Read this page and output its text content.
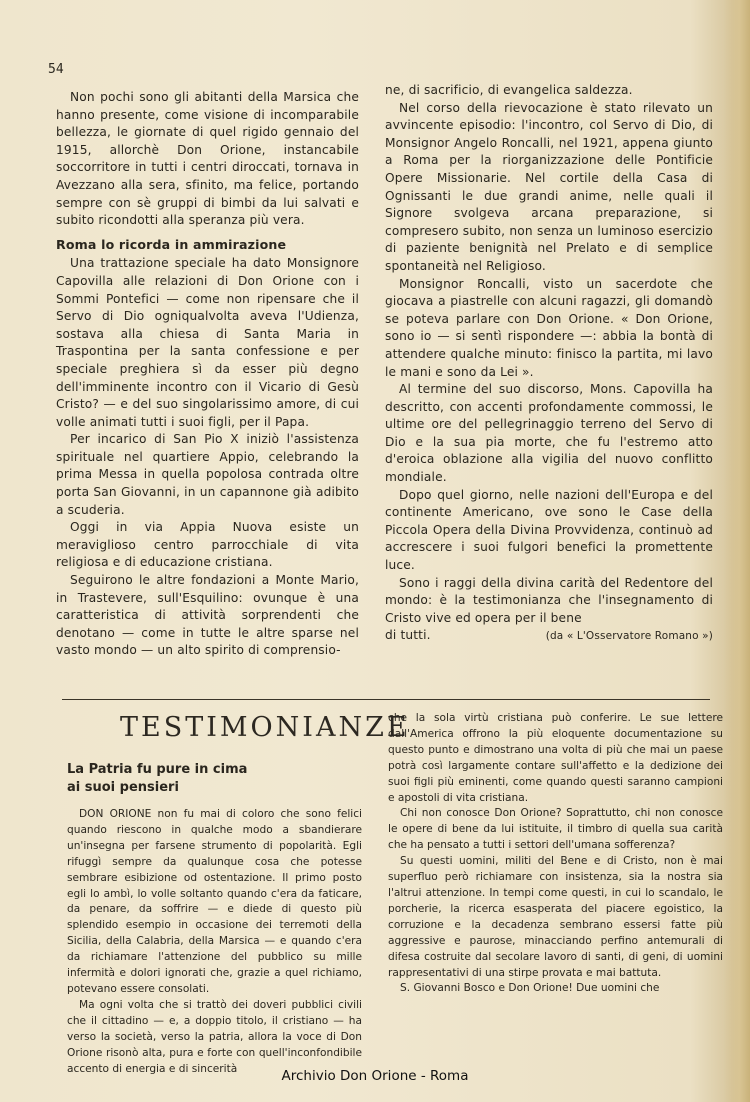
54

Non pochi sono gli abitanti della Marsica che hanno presente, come visione di incomparabile bellezza, le giornate di quel rigido gennaio del 1915, allorchè Don Orione, instancabile soccorritore in tutti i centri diroccati, tornava in Avezzano alla sera, sfinito, ma felice, portando sempre con sè gruppi di bimbi da lui salvati e subito ricondotti alla speranza più vera.

Roma lo ricorda in ammirazione

Una trattazione speciale ha dato Monsignore Capovilla alle relazioni di Don Orione con i Sommi Pontefici — come non ripensare che il Servo di Dio ogniqualvolta aveva l'Udienza, sostava alla chiesa di Santa Maria in Traspontina per la santa confessione e per speciale preghiera sì da esser più degno dell'imminente incontro con il Vicario di Gesù Cristo? — e del suo singolarissimo amore, di cui volle animati tutti i suoi figli, per il Papa.

Per incarico di San Pio X iniziò l'assistenza spirituale nel quartiere Appio, celebrando la prima Messa in quella popolosa contrada oltre porta San Giovanni, in un capannone già adibito a scuderia.

Oggi in via Appia Nuova esiste un meraviglioso centro parrocchiale di vita religiosa e di educazione cristiana.

Seguirono le altre fondazioni a Monte Mario, in Trastevere, sull'Esquilino: ovunque è una caratteristica di attività sorprendenti che denotano — come in tutte le altre sparse nel vasto mondo — un alto spirito di comprensio-

ne, di sacrificio, di evangelica saldezza.

Nel corso della rievocazione è stato rilevato un avvincente episodio: l'incontro, col Servo di Dio, di Monsignor Angelo Roncalli, nel 1921, appena giunto a Roma per la riorganizzazione delle Pontificie Opere Missionarie. Nel cortile della Casa di Ognissanti le due grandi anime, nelle quali il Signore svolgeva arcana preparazione, si compresero subito, non senza un luminoso esercizio di paziente benignità nel Prelato e di semplice spontaneità nel Religioso.

Monsignor Roncalli, visto un sacerdote che giocava a piastrelle con alcuni ragazzi, gli domandò se poteva parlare con Don Orione. « Don Orione, sono io — si sentì rispondere —: abbia la bontà di attendere qualche minuto: finisco la partita, mi lavo le mani e sono da Lei ».

Al termine del suo discorso, Mons. Capovilla ha descritto, con accenti profondamente commossi, le ultime ore del pellegrinaggio terreno del Servo di Dio e la sua pia morte, che fu l'estremo atto d'eroica oblazione alla vigilia del nuovo conflitto mondiale.

Dopo quel giorno, nelle nazioni dell'Europa e del continente Americano, ove sono le Case della Piccola Opera della Divina Provvidenza, continuò ad accrescere i suoi fulgori benefici la promettente luce.

Sono i raggi della divina carità del Redentore del mondo: è la testimonianza che l'insegnamento di Cristo vive ed opera per il bene

di tutti.	(da « L'Osservatore Romano »)
TESTIMONIANZE
La Patria fu pure in cima
ai suoi pensieri

DON ORIONE non fu mai di coloro che sono felici quando riescono in qualche modo a sbandierare un'insegna per farsene strumento di popolarità. Egli rifuggì sempre da qualunque cosa che potesse sembrare esibizione od ostentazione. Il primo posto egli lo ambì, lo volle soltanto quando c'era da faticare, da penare, da soffrire — e diede di questo più splendido esempio in occasione dei terremoti della Sicilia, della Calabria, della Marsica — e quando c'era da richiamare l'attenzione del pubblico su mille infermità e dolori ignorati che, grazie a quel richiamo, potevano essere consolati.

Ma ogni volta che si trattò dei doveri pubblici civili che il cittadino — e, a doppio titolo, il cristiano — ha verso la società, verso la patria, allora la voce di Don Orione risonò alta, pura e forte con quell'inconfondibile accento di energia e di sincerità

che la sola virtù cristiana può conferire. Le sue lettere dall'America offrono la più eloquente documentazione su questo punto e dimostrano una volta di più che mai un paese potrà così largamente contare sull'affetto e la dedizione dei suoi figli più eminenti, come quando questi saranno campioni e apostoli di vita cristiana.

Chi non conosce Don Orione? Soprattutto, chi non conosce le opere di bene da lui istituite, il timbro di quella sua carità che ha pensato a tutti i settori dell'umana sofferenza?

Su questi uomini, militi del Bene e di Cristo, non è mai superfluo però richiamare con insistenza, sia la nostra sia l'altrui attenzione. In tempi come questi, in cui lo scandalo, le porcherie, la ricerca esasperata del piacere egoistico, la corruzione e la decadenza sembrano essersi fatte più aggressive e paurose, minacciando perfino antemurali di difesa costruite dal secolare lavoro di santi, di geni, di uomini rappresentativi di una stirpe provata e mai battuta.

S. Giovanni Bosco e Don Orione! Due uomini che

Archivio Don Orione - Roma
